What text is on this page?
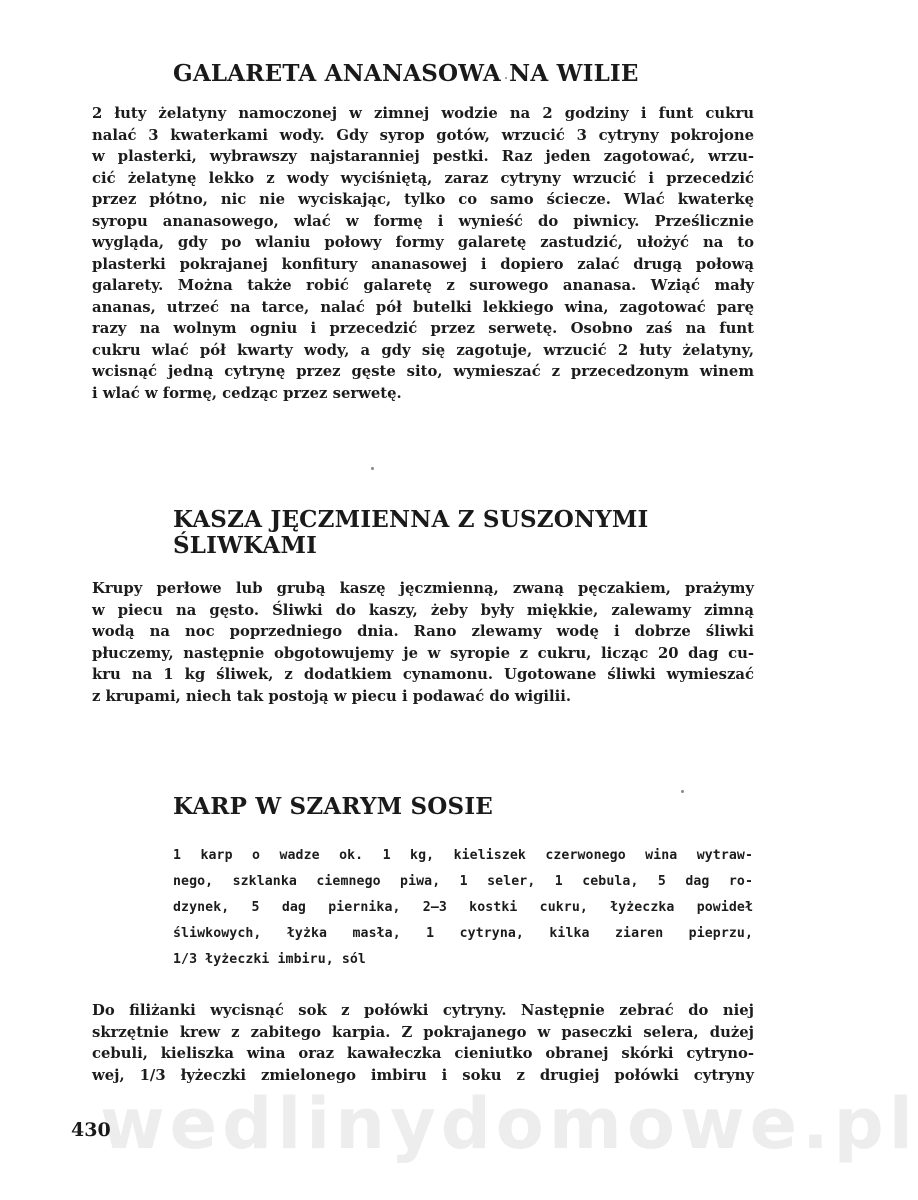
wedlinydomowe.pl
GALARETA ANANASOWA NA WILIE
2 łuty żelatyny namoczonej w zimnej wodzie na 2 godziny i funt cukru
nalać 3 kwaterkami wody. Gdy syrop gotów, wrzucić 3 cytryny pokrojone
w plasterki, wybrawszy najstaranniej pestki. Raz jeden zagotować, wrzu-
cić żelatynę lekko z wody wyciśniętą, zaraz cytryny wrzucić i przecedzić
przez płótno, nic nie wyciskając, tylko co samo ściecze. Wlać kwaterkę
syropu ananasowego, wlać w formę i wynieść do piwnicy. Prześlicznie
wygląda, gdy po wlaniu połowy formy galaretę zastudzić, ułożyć na to
plasterki pokrajanej konfitury ananasowej i dopiero zalać drugą połową
galarety. Można także robić galaretę z surowego ananasa. Wziąć mały
ananas, utrzeć na tarce, nalać pół butelki lekkiego wina, zagotować parę
razy na wolnym ogniu i przecedzić przez serwetę. Osobno zaś na funt
cukru wlać pół kwarty wody, a gdy się zagotuje, wrzucić 2 łuty żelatyny,
wcisnąć jedną cytrynę przez gęste sito, wymieszać z przecedzonym winem
i wlać w formę, cedząc przez serwetę.
KASZA JĘCZMIENNA Z SUSZONYMI
ŚLIWKAMI
Krupy perłowe lub grubą kaszę jęczmienną, zwaną pęczakiem, prażymy
w piecu na gęsto. Śliwki do kaszy, żeby były miękkie, zalewamy zimną
wodą na noc poprzedniego dnia. Rano zlewamy wodę i dobrze śliwki
płuczemy, następnie obgotowujemy je w syropie z cukru, licząc 20 dag cu-
kru na 1 kg śliwek, z dodatkiem cynamonu. Ugotowane śliwki wymieszać
z krupami, niech tak postoją w piecu i podawać do wigilii.
KARP W SZARYM SOSIE
1 karp o wadze ok. 1 kg, kieliszek czerwonego wina wytraw-
nego, szklanka ciemnego piwa, 1 seler, 1 cebula, 5 dag ro-
dzynek, 5 dag piernika, 2—3 kostki cukru, łyżeczka powideł
śliwkowych, łyżka masła, 1 cytryna, kilka ziaren pieprzu,
1/3 łyżeczki imbiru, sól
Do filiżanki wycisnąć sok z połówki cytryny. Następnie zebrać do niej
skrzętnie krew z zabitego karpia. Z pokrajanego w paseczki selera, dużej
cebuli, kieliszka wina oraz kawałeczka cieniutko obranej skórki cytryno-
wej, 1/3 łyżeczki zmielonego imbiru i soku z drugiej połówki cytryny
430
